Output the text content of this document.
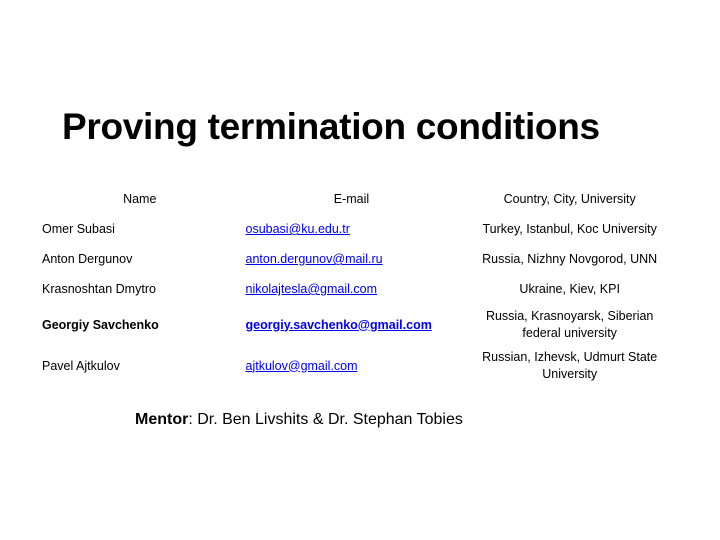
Proving termination conditions
Name	E-mail	Country, City, University
Omer Subasi	osubasi@ku.edu.tr	Turkey, Istanbul, Koc University
Anton Dergunov	anton.dergunov@mail.ru	Russia, Nizhny Novgorod, UNN
Krasnoshtan Dmytro	nikolajtesla@gmail.com	Ukraine, Kiev, KPI
Georgiy Savchenko	georgiy.savchenko@gmail.com	Russia, Krasnoyarsk, Siberian federal university
Pavel Ajtkulov	ajtkulov@gmail.com	Russian, Izhevsk, Udmurt State University
Mentor: Dr. Ben Livshits & Dr. Stephan Tobies
